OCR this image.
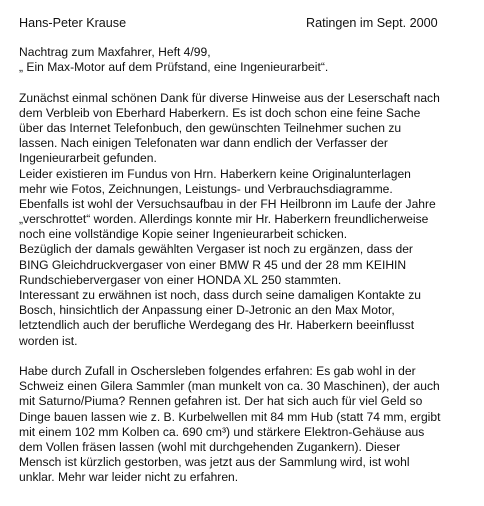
Hans-Peter Krause	Ratingen im Sept. 2000
Nachtrag zum Maxfahrer, Heft 4/99,
„ Ein Max-Motor auf dem Prüfstand, eine Ingenieurarbeit“.
Zunächst einmal schönen Dank für diverse Hinweise aus der Leserschaft nach
dem Verbleib von Eberhard Haberkern. Es ist doch schon eine feine Sache
über das Internet Telefonbuch, den gewünschten Teilnehmer suchen zu
lassen. Nach einigen Telefonaten war dann endlich der Verfasser der
Ingenieurarbeit gefunden.
Leider existieren im Fundus von Hrn. Haberkern keine Originalunterlagen
mehr wie Fotos, Zeichnungen, Leistungs- und Verbrauchsdiagramme.
Ebenfalls ist wohl der Versuchsaufbau in der FH Heilbronn im Laufe der Jahre
„verschrottet“ worden. Allerdings konnte mir Hr. Haberkern freundlicherweise
noch eine vollständige Kopie seiner Ingenieurarbeit schicken.
Bezüglich der damals gewählten Vergaser ist noch zu ergänzen, dass der
BING Gleichdruckvergaser von einer BMW R 45 und der 28 mm KEIHIN
Rundschiebervergaser von einer HONDA XL 250 stammten.
Interessant zu erwähnen ist noch, dass durch seine damaligen Kontakte zu
Bosch, hinsichtlich der Anpassung einer D-Jetronic an den Max Motor,
letztendlich auch der berufliche Werdegang des Hr. Haberkern beeinflusst
worden ist.
Habe durch Zufall in Oschersleben folgendes erfahren: Es gab wohl in der
Schweiz einen Gilera Sammler (man munkelt von ca. 30 Maschinen), der auch
mit Saturno/Piuma? Rennen gefahren ist. Der hat sich auch für viel Geld so
Dinge bauen lassen wie z. B. Kurbelwellen mit 84 mm Hub (statt 74 mm, ergibt
mit einem 102 mm Kolben ca. 690 cm³) und stärkere Elektron-Gehäuse aus
dem Vollen fräsen lassen (wohl mit durchgehenden Zugankern). Dieser
Mensch ist kürzlich gestorben, was jetzt aus der Sammlung wird, ist wohl
unklar. Mehr war leider nicht zu erfahren.
